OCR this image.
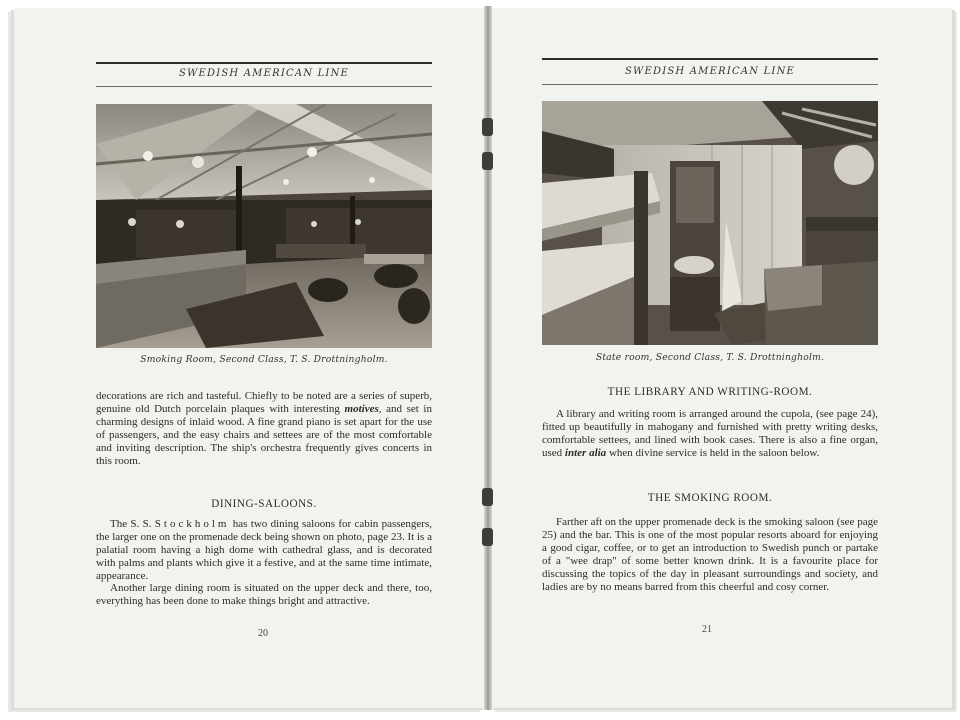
SWEDISH AMERICAN LINE
Smoking Room, Second Class, T. S. Drottningholm.

decorations are rich and tasteful. Chiefly to be noted are a series of superb, genuine old Dutch porcelain plaques with interesting motives, and set in charming designs of inlaid wood. A fine grand piano is set apart for the use of passengers, and the easy chairs and settees are of the most comfortable and inviting description. The ship's orchestra frequently gives concerts in this room.

DINING-SALOONS.

The S. S. Stockholm has two dining saloons for cabin passengers, the larger one on the promenade deck being shown on photo, page 23. It is a palatial room having a high dome with cathedral glass, and is decorated with palms and plants which give it a festive, and at the same time intimate, appearance.

Another large dining room is situated on the upper deck and there, too, everything has been done to make things bright and attractive.

20
SWEDISH AMERICAN LINE
State room, Second Class, T. S. Drottningholm.
THE LIBRARY AND WRITING-ROOM.

A library and writing room is arranged around the cupola, (see page 24), fitted up beautifully in mahogany and furnished with pretty writing desks, comfortable settees, and lined with book cases. There is also a fine organ, used inter alia when divine service is held in the saloon below.

THE SMOKING ROOM.

Farther aft on the upper promenade deck is the smoking saloon (see page 25) and the bar. This is one of the most popular resorts aboard for enjoying a good cigar, coffee, or to get an introduction to Swedish punch or partake of a "wee drap" of some better known drink. It is a favourite place for discussing the topics of the day in pleasant surroundings and society, and ladies are by no means barred from this cheerful and cosy corner.

21
